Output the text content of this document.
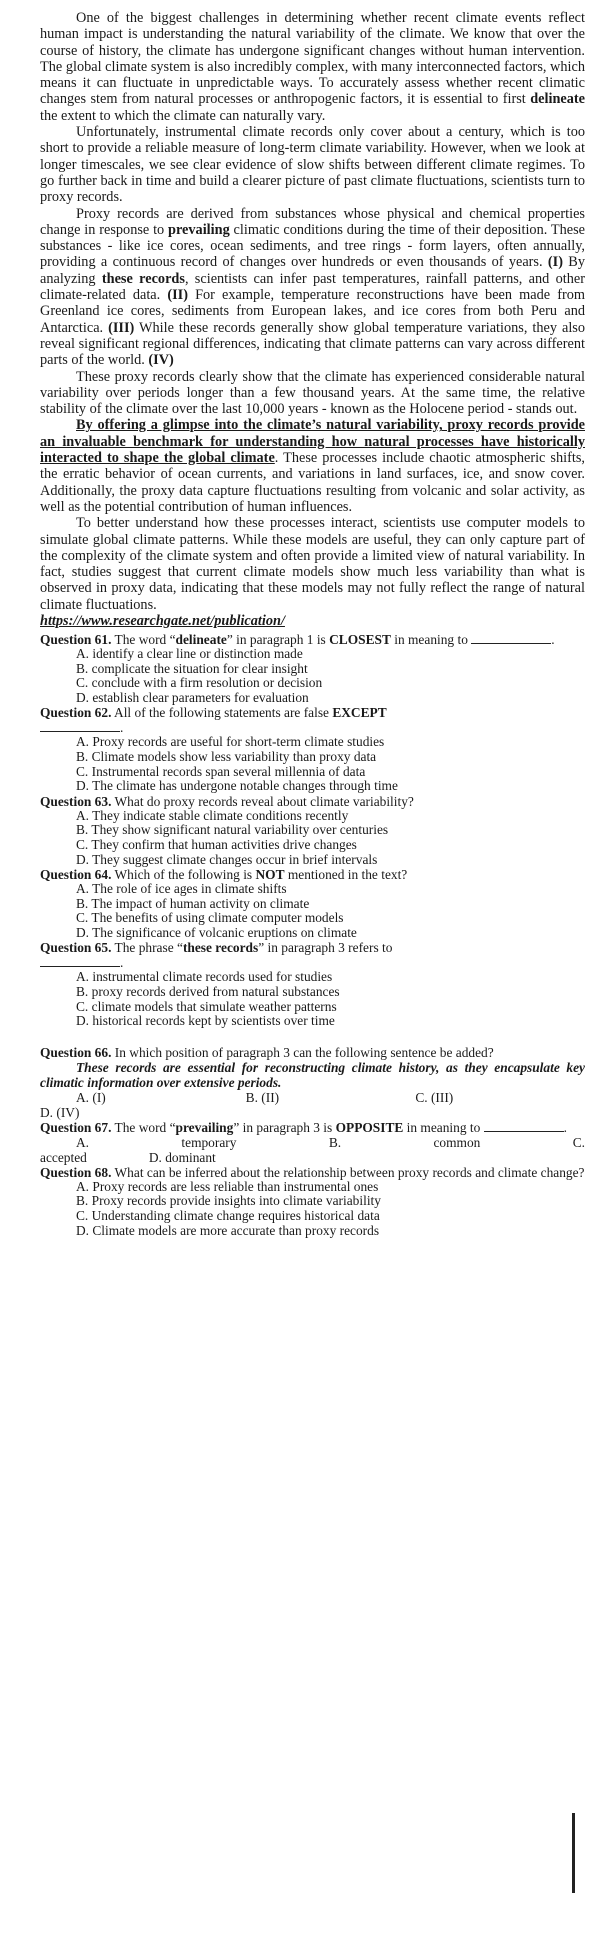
One of the biggest challenges in determining whether recent climate events reflect human impact is understanding the natural variability of the climate. We know that over the course of history, the climate has undergone significant changes without human intervention. The global climate system is also incredibly complex, with many interconnected factors, which means it can fluctuate in unpredictable ways. To accurately assess whether recent climatic changes stem from natural processes or anthropogenic factors, it is essential to first delineate the extent to which the climate can naturally vary.

Unfortunately, instrumental climate records only cover about a century, which is too short to provide a reliable measure of long-term climate variability. However, when we look at longer timescales, we see clear evidence of slow shifts between different climate regimes. To go further back in time and build a clearer picture of past climate fluctuations, scientists turn to proxy records.

Proxy records are derived from substances whose physical and chemical properties change in response to prevailing climatic conditions during the time of their deposition. These substances - like ice cores, ocean sediments, and tree rings - form layers, often annually, providing a continuous record of changes over hundreds or even thousands of years. (I) By analyzing these records, scientists can infer past temperatures, rainfall patterns, and other climate-related data. (II) For example, temperature reconstructions have been made from Greenland ice cores, sediments from European lakes, and ice cores from both Peru and Antarctica. (III) While these records generally show global temperature variations, they also reveal significant regional differences, indicating that climate patterns can vary across different parts of the world. (IV)

These proxy records clearly show that the climate has experienced considerable natural variability over periods longer than a few thousand years. At the same time, the relative stability of the climate over the last 10,000 years - known as the Holocene period - stands out.

By offering a glimpse into the climate’s natural variability, proxy records provide an invaluable benchmark for understanding how natural processes have historically interacted to shape the global climate. These processes include chaotic atmospheric shifts, the erratic behavior of ocean currents, and variations in land surfaces, ice, and snow cover. Additionally, the proxy data capture fluctuations resulting from volcanic and solar activity, as well as the potential contribution of human influences.

To better understand how these processes interact, scientists use computer models to simulate global climate patterns. While these models are useful, they can only capture part of the complexity of the climate system and often provide a limited view of natural variability. In fact, studies suggest that current climate models show much less variability than what is observed in proxy data, indicating that these models may not fully reflect the range of natural climate fluctuations.

https://www.researchgate.net/publication/

Question 61. The word “delineate” in paragraph 1 is CLOSEST in meaning to	.

A. identify a clear line or distinction made

B. complicate the situation for clear insight

C. conclude with a firm resolution or decision

D. establish clear parameters for evaluation

Question 62. All of the following statements are false EXCEPT
.

A. Proxy records are useful for short-term climate studies

B. Climate models show less variability than proxy data

C. Instrumental records span several millennia of data

D. The climate has undergone notable changes through time

Question 63. What do proxy records reveal about climate variability?

A. They indicate stable climate conditions recently

B. They show significant natural variability over centuries

C. They confirm that human activities drive changes

D. They suggest climate changes occur in brief intervals

Question 64. Which of the following is NOT mentioned in the text?

A. The role of ice ages in climate shifts

B. The impact of human activity on climate

C. The benefits of using climate computer models

D. The significance of volcanic eruptions on climate

Question 65. The phrase “these records” in paragraph 3 refers to
.

A. instrumental climate records used for studies

B. proxy records derived from natural substances

C. climate models that simulate weather patterns

D. historical records kept by scientists over time

Question 66. In which position of paragraph 3 can the following sentence be added?

These records are essential for reconstructing climate history, as they encapsulate key climatic information over extensive periods.

A. (I)	B. (II)	C. (III)

D. (IV)

Question 67. The word “prevailing” in paragraph 3 is OPPOSITE in meaning to	.

A.	temporary	B.	common	C.

accepted	D. dominant

Question 68. What can be inferred about the relationship between proxy records and climate change?

A. Proxy records are less reliable than instrumental ones

B. Proxy records provide insights into climate variability

C. Understanding climate change requires historical data

D. Climate models are more accurate than proxy records
